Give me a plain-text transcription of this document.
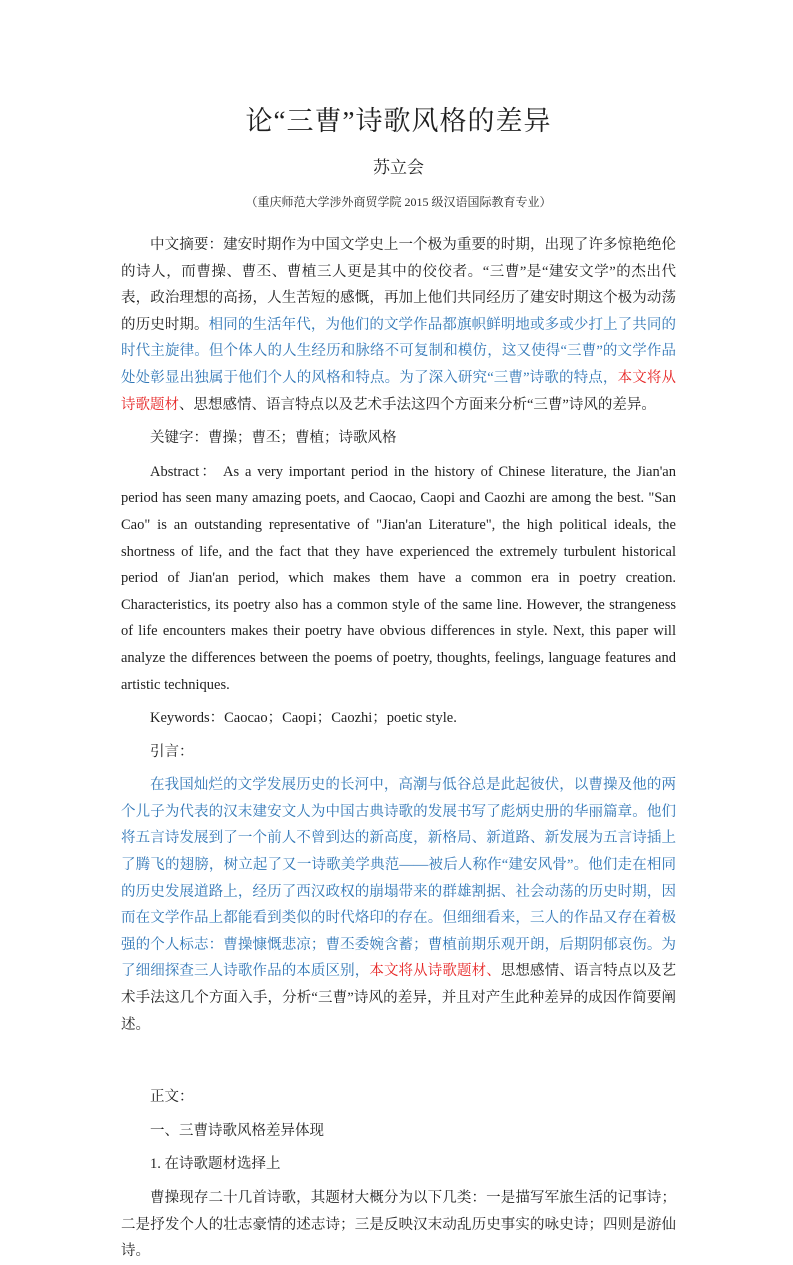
论“三曹”诗歌风格的差异
苏立会
（重庆师范大学涉外商贸学院 2015 级汉语国际教育专业）

中文摘要：建安时期作为中国文学史上一个极为重要的时期，出现了许多惊艳绝伦的诗人，而曹操、曹丕、曹植三人更是其中的佼佼者。“三曹”是“建安文学”的杰出代表，政治理想的高扬，人生苦短的感慨，再加上他们共同经历了建安时期这个极为动荡的历史时期。相同的生活年代，为他们的文学作品都旗帜鲜明地或多或少打上了共同的时代主旋律。但个体人的人生经历和脉络不可复制和模仿，这又使得“三曹”的文学作品处处彰显出独属于他们个人的风格和特点。为了深入研究“三曹”诗歌的特点，本文将从诗歌题材、思想感情、语言特点以及艺术手法这四个方面来分析“三曹”诗风的差异。

关键字：曹操；曹丕；曹植；诗歌风格

Abstract： As a very important period in the history of Chinese literature, the Jian'an period has seen many amazing poets, and Caocao, Caopi and Caozhi are among the best. "San Cao" is an outstanding representative of "Jian'an Literature", the high political ideals, the shortness of life, and the fact that they have experienced the extremely turbulent historical period of Jian'an period, which makes them have a common era in poetry creation. Characteristics, its poetry also has a common style of the same line. However, the strangeness of life encounters makes their poetry have obvious differences in style. Next, this paper will analyze the differences between the poems of poetry, thoughts, feelings, language features and artistic techniques.

Keywords：Caocao；Caopi；Caozhi；poetic style.

引言：

在我国灿烂的文学发展历史的长河中，高潮与低谷总是此起彼伏，以曹操及他的两个儿子为代表的汉末建安文人为中国古典诗歌的发展书写了彪炳史册的华丽篇章。他们将五言诗发展到了一个前人不曾到达的新高度，新格局、新道路、新发展为五言诗插上了腾飞的翅膀，树立起了又一诗歌美学典范——被后人称作“建安风骨”。他们走在相同的历史发展道路上，经历了西汉政权的崩塌带来的群雄割据、社会动荡的历史时期，因而在文学作品上都能看到类似的时代烙印的存在。但细细看来，三人的作品又存在着极强的个人标志：曹操慷慨悲凉；曹丕委婉含蓄；曹植前期乐观开朗，后期阴郁哀伤。为了细细探查三人诗歌作品的本质区别，本文将从诗歌题材、思想感情、语言特点以及艺术手法这几个方面入手，分析“三曹”诗风的差异，并且对产生此种差异的成因作简要阐述。

正文：

一、三曹诗歌风格差异体现

1. 在诗歌题材选择上

曹操现存二十几首诗歌，其题材大概分为以下几类：一是描写军旅生活的记事诗；二是抒发个人的壮志豪情的述志诗；三是反映汉末动乱历史事实的咏史诗；四则是游仙诗。
